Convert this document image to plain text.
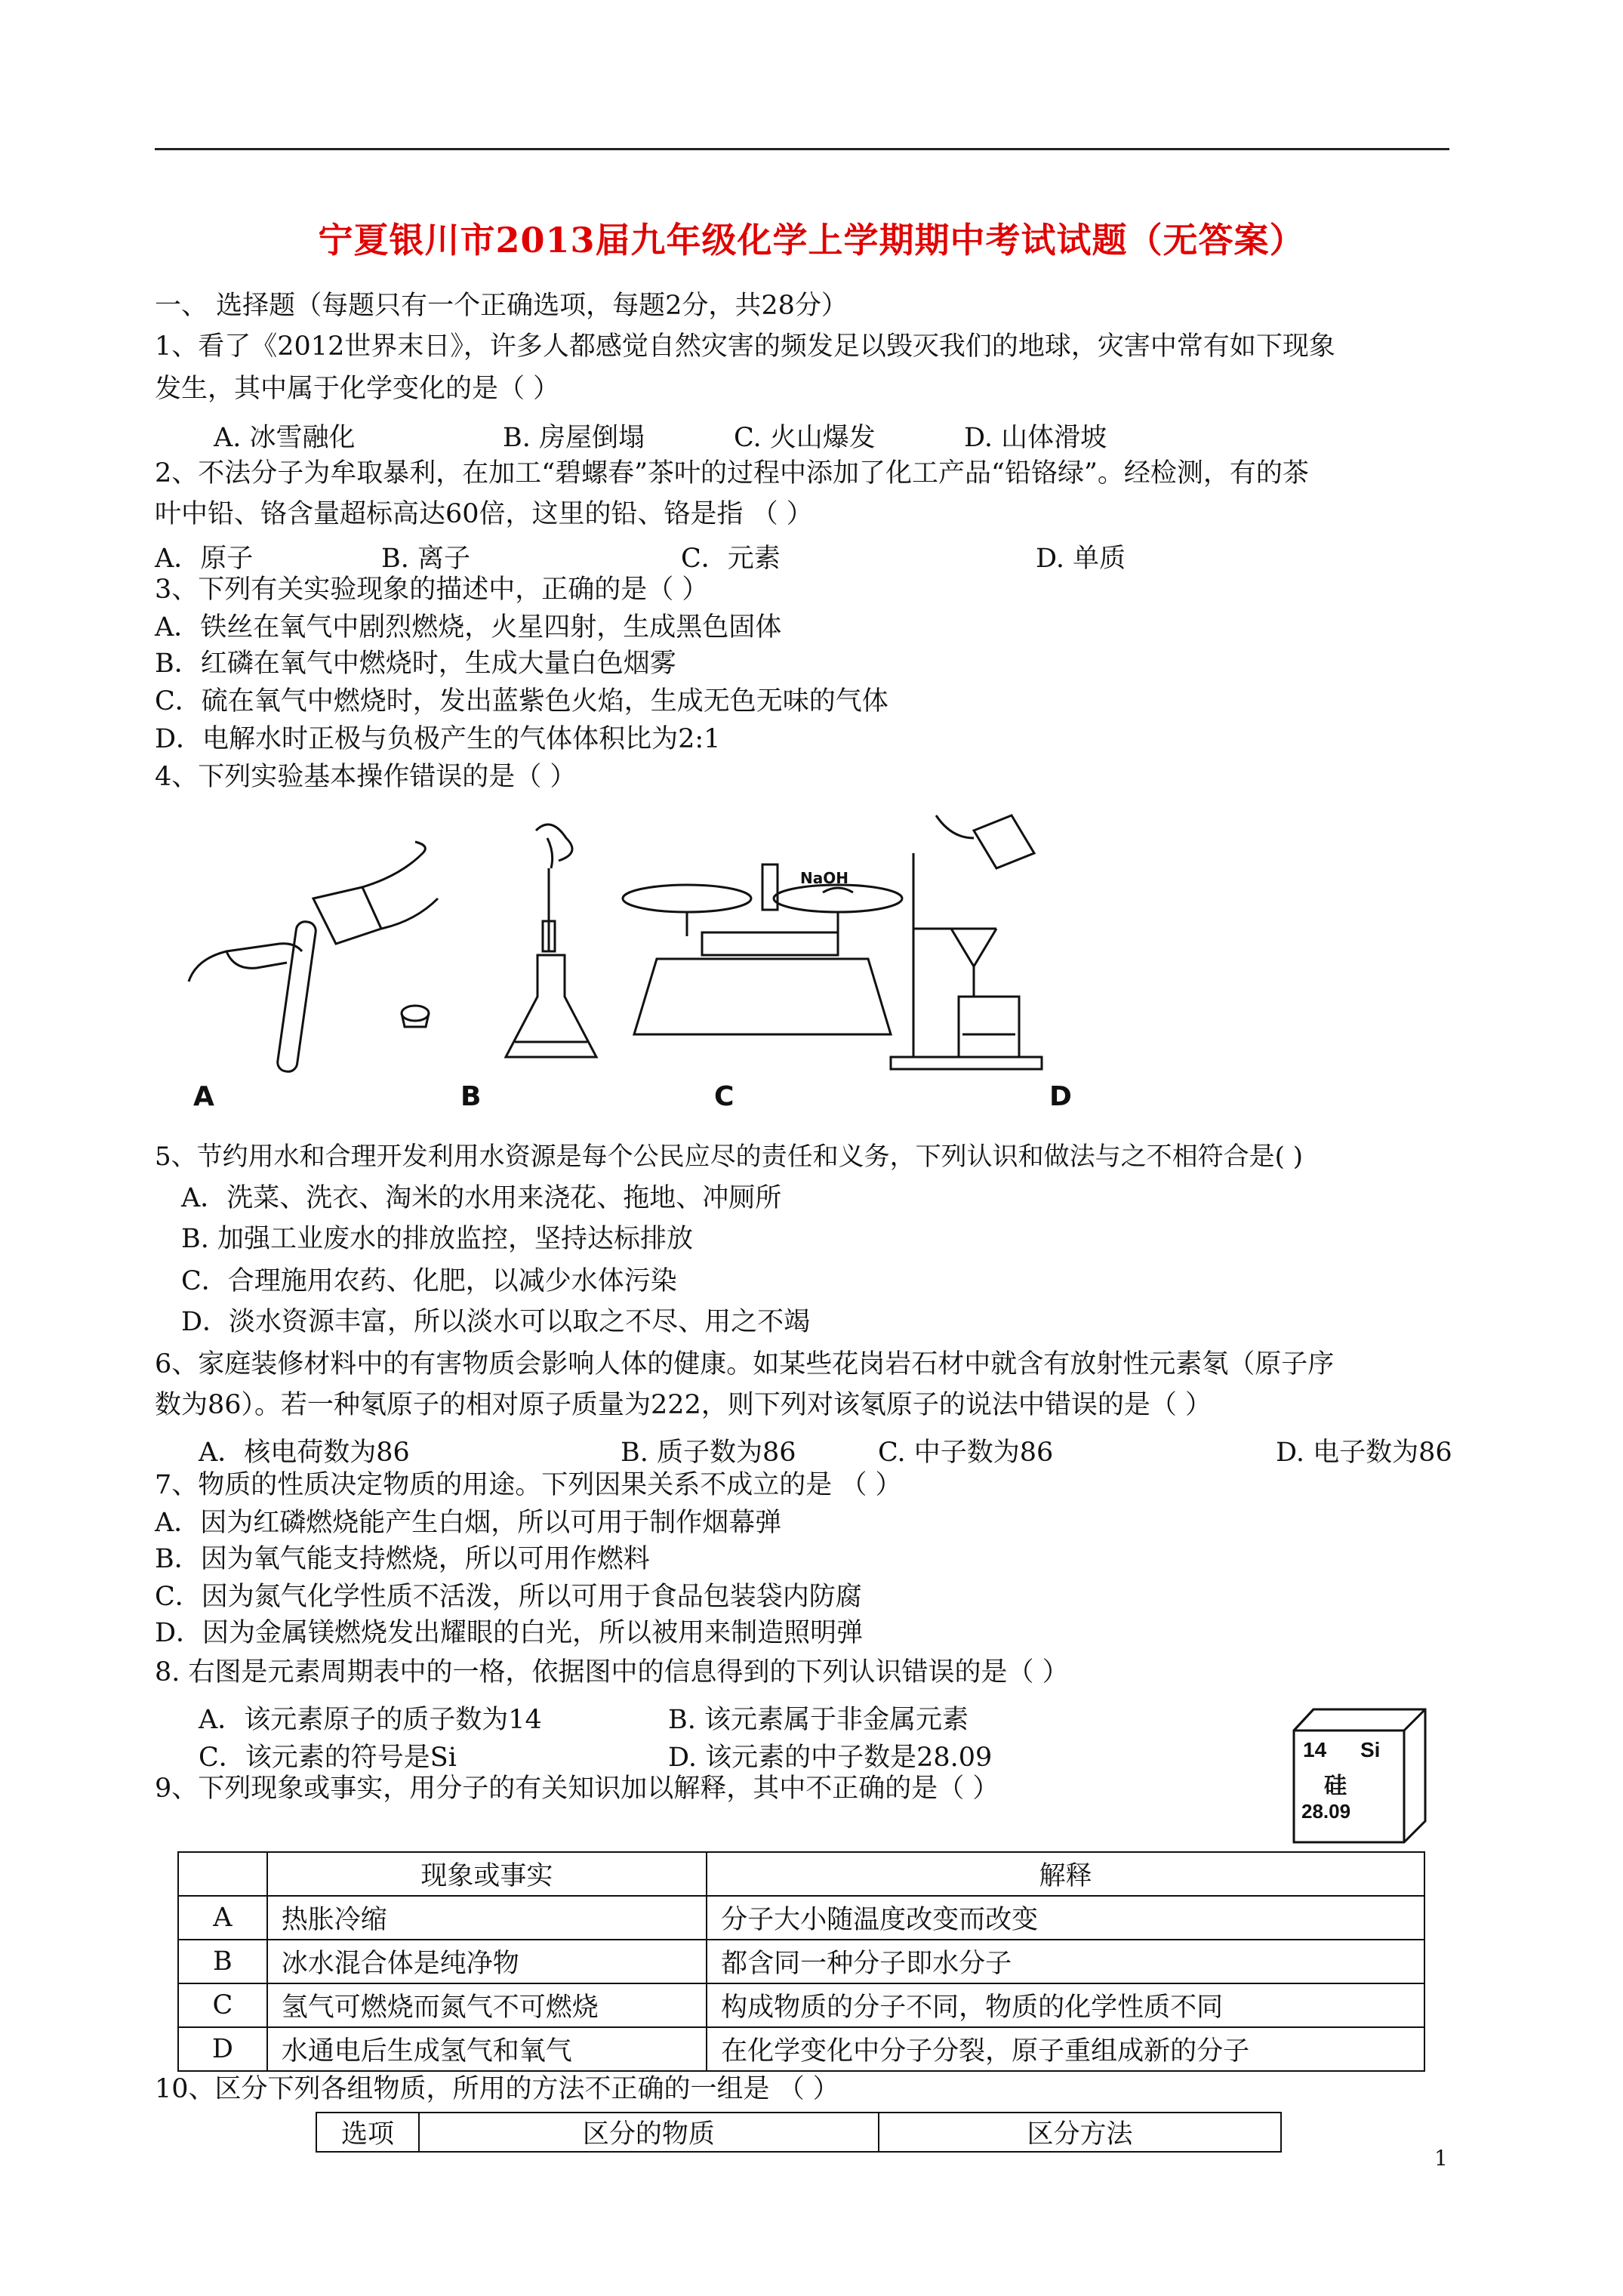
宁夏银川市2013届九年级化学上学期期中考试试题（无答案）
一、 选择题（每题只有一个正确选项，每题2分，共28分）
1、看了《2012世界末日》，许多人都感觉自然灾害的频发足以毁灭我们的地球，灾害中常有如下现象
发生，其中属于化学变化的是（ ）
A. 冰雪融化	B. 房屋倒塌	C. 火山爆发	D. 山体滑坡
2、不法分子为牟取暴利，在加工“碧螺春”茶叶的过程中添加了化工产品“铅铬绿”。经检测，有的茶
叶中铅、铬含量超标高达60倍，这里的铅、铬是指 （ ）
A．原子	B. 离子	C．元素	D. 单质
3、下列有关实验现象的描述中，正确的是（ ）
A．铁丝在氧气中剧烈燃烧，火星四射，生成黑色固体
B．红磷在氧气中燃烧时，生成大量白色烟雾
C．硫在氧气中燃烧时，发出蓝紫色火焰，生成无色无味的气体
D．电解水时正极与负极产生的气体体积比为2:1
4、下列实验基本操作错误的是（ ）
NaOH
A	B	C	D
5、节约用水和合理开发利用水资源是每个公民应尽的责任和义务，下列认识和做法与之不相符合是( )
A．洗菜、洗衣、淘米的水用来浇花、拖地、冲厕所
B. 加强工业废水的排放监控，坚持达标排放
C．合理施用农药、化肥，以减少水体污染
D．淡水资源丰富，所以淡水可以取之不尽、用之不竭
6、家庭装修材料中的有害物质会影响人体的健康。如某些花岗岩石材中就含有放射性元素氡（原子序
数为86）。若一种氡原子的相对原子质量为222，则下列对该氡原子的说法中错误的是（ ）
A．核电荷数为86	B. 质子数为86	C. 中子数为86	D. 电子数为86
7、物质的性质决定物质的用途。下列因果关系不成立的是 （ ）
A．因为红磷燃烧能产生白烟，所以可用于制作烟幕弹
B．因为氧气能支持燃烧，所以可用作燃料
C．因为氮气化学性质不活泼，所以可用于食品包装袋内防腐
D．因为金属镁燃烧发出耀眼的白光，所以被用来制造照明弹
8. 右图是元素周期表中的一格，依据图中的信息得到的下列认识错误的是（ ）
A．该元素原子的质子数为14	B. 该元素属于非金属元素
C．该元素的符号是Si	D. 该元素的中子数是28.09	14 Si
硅
28.09
9、下列现象或事实，用分子的有关知识加以解释，其中不正确的是（ ）
	现象或事实	解释
A	热胀冷缩	分子大小随温度改变而改变
B	冰水混合体是纯净物	都含同一种分子即水分子
C	氢气可燃烧而氮气不可燃烧	构成物质的分子不同，物质的化学性质不同
D	水通电后生成氢气和氧气	在化学变化中分子分裂，原子重组成新的分子
10、区分下列各组物质，所用的方法不正确的一组是 （ ）
选项	区分的物质	区分方法
1
